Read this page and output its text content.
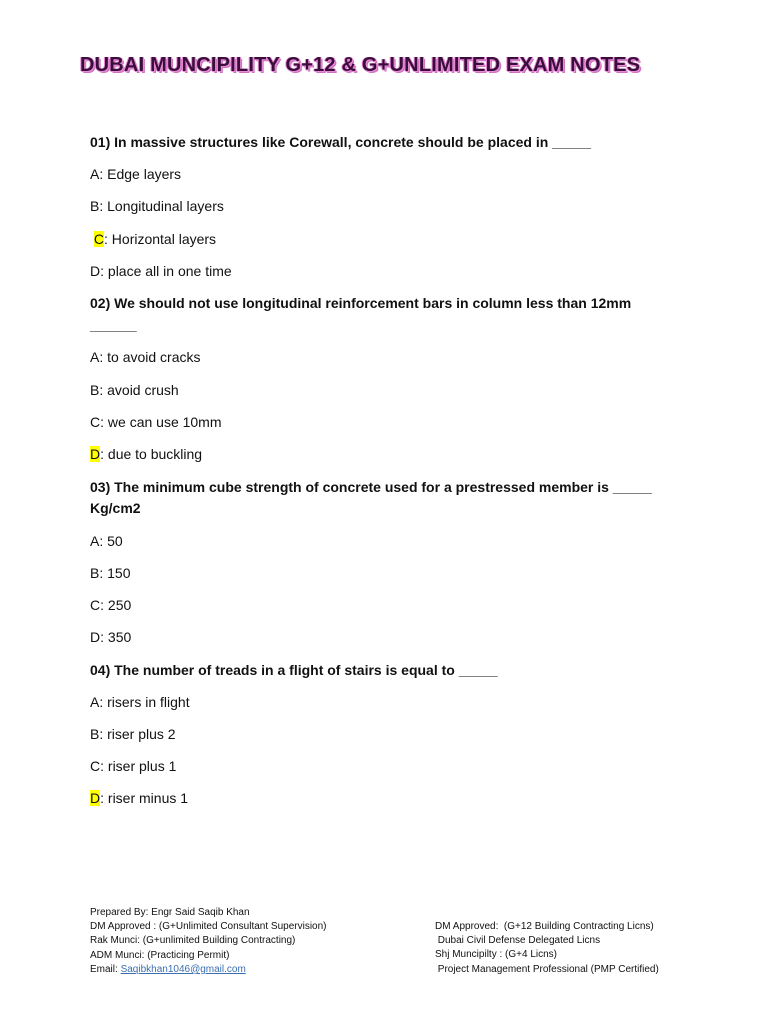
DUBAI MUNCIPILITY G+12 & G+UNLIMITED EXAM NOTES
01) In massive structures like Corewall, concrete should be placed in _____
A: Edge layers
B: Longitudinal layers
C: Horizontal layers
D: place all in one time
02) We should not use longitudinal reinforcement bars in column less than 12mm
______
A: to avoid cracks
B: avoid crush
C: we can use 10mm
D: due to buckling
03) The minimum cube strength of concrete used for a prestressed member is _____
Kg/cm2
A: 50
B: 150
C: 250
D: 350
04) The number of treads in a flight of stairs is equal to _____
A: risers in flight
B: riser plus 2
C: riser plus 1
D: riser minus 1
Prepared By: Engr Said Saqib Khan
DM Approved : (G+Unlimited Consultant Supervision)
Rak Munci: (G+unlimited Building Contracting)
ADM Munci: (Practicing Permit)
Email: Saqibkhan1046@gmail.com
DM Approved:  (G+12 Building Contracting Licns)
Dubai Civil Defense Delegated Licns
Shj Muncipilty : (G+4 Licns)
Project Management Professional (PMP Certified)
